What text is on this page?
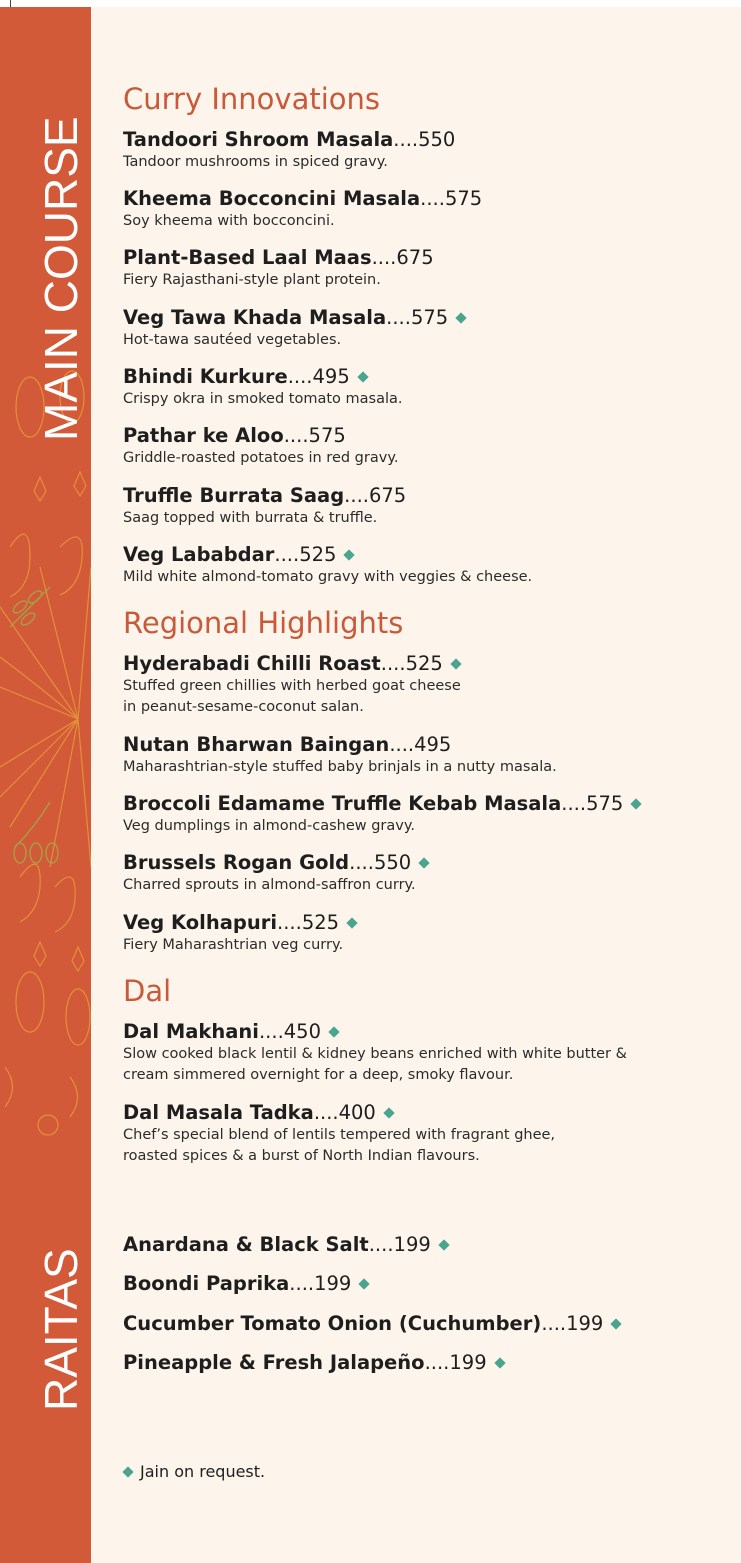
MAIN COURSE
RAITAS
Curry Innovations
Tandoori Shroom Masala....550
Tandoor mushrooms in spiced gravy.
Kheema Bocconcini Masala....575
Soy kheema with bocconcini.
Plant-Based Laal Maas....675
Fiery Rajasthani-style plant protein.
Veg Tawa Khada Masala....575
Hot-tawa sautéed vegetables.
Bhindi Kurkure....495
Crispy okra in smoked tomato masala.
Pathar ke Aloo....575
Griddle-roasted potatoes in red gravy.
Truffle Burrata Saag....675
Saag topped with burrata & truffle.
Veg Lababdar....525
Mild white almond-tomato gravy with veggies & cheese.
Regional Highlights
Hyderabadi Chilli Roast....525
Stuffed green chillies with herbed goat cheese
in peanut-sesame-coconut salan.
Nutan Bharwan Baingan....495
Maharashtrian-style stuffed baby brinjals in a nutty masala.
Broccoli Edamame Truffle Kebab Masala....575
Veg dumplings in almond-cashew gravy.
Brussels Rogan Gold....550
Charred sprouts in almond-saffron curry.
Veg Kolhapuri....525
Fiery Maharashtrian veg curry.
Dal
Dal Makhani....450
Slow cooked black lentil & kidney beans enriched with white butter &
cream simmered overnight for a deep, smoky flavour.
Dal Masala Tadka....400
Chef’s special blend of lentils tempered with fragrant ghee,
roasted spices & a burst of North Indian flavours.
Anardana & Black Salt....199
Boondi Paprika....199
Cucumber Tomato Onion (Cuchumber)....199
Pineapple & Fresh Jalapeño....199
Jain on request.
